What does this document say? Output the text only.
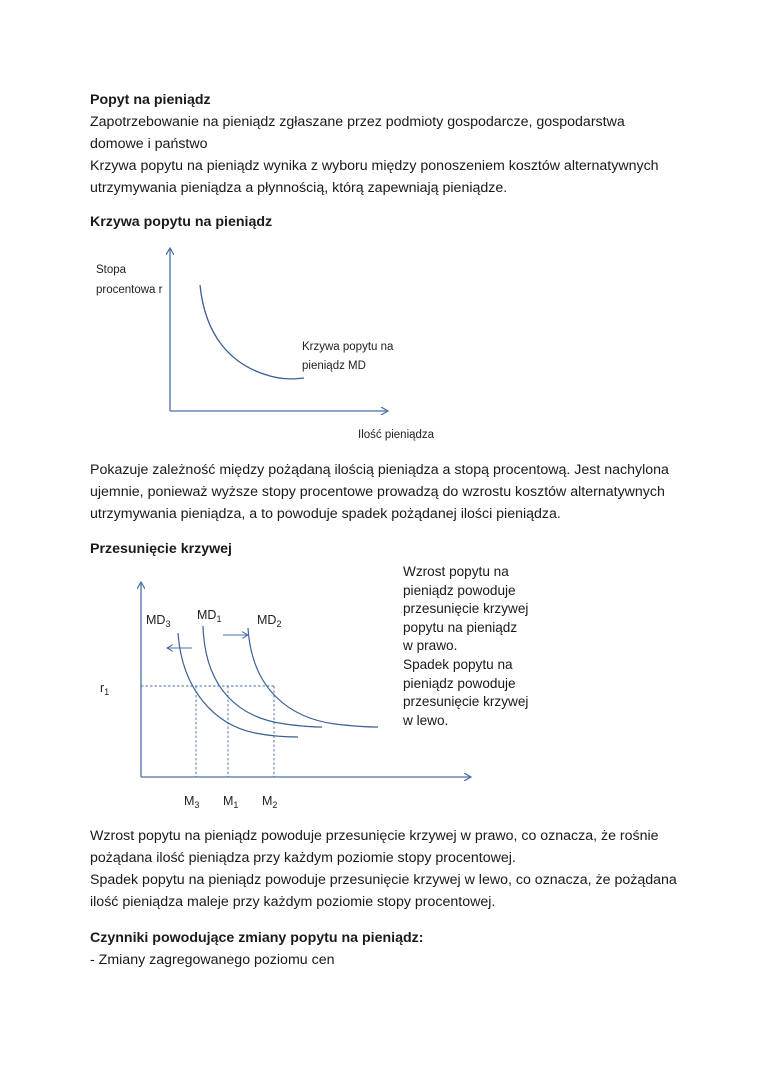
Popyt na pieniądz

Zapotrzebowanie na pieniądz zgłaszane przez podmioty gospodarcze, gospodarstwa

domowe i państwo

Krzywa popytu na pieniądz wynika z wyboru między ponoszeniem kosztów alternatywnych

utrzymywania pieniądza a płynnością, którą zapewniają pieniądze.

Krzywa popytu na pieniądz

Stopa
procentowa r
Ilość pieniądza
Krzywa popytu na
pieniądz MD

Pokazuje zależność między pożądaną ilością pieniądza a stopą procentową. Jest nachylona

ujemnie, ponieważ wyższe stopy procentowe prowadzą do wzrostu kosztów alternatywnych

utrzymywania pieniądza, a to powoduje spadek pożądanej ilości pieniądza.

Przesunięcie krzywej

$MD_3$
$MD_1$	$MD_2$
$r_1$
$M_3$ $M_1$ $M_2$
Wzrost popytu na
pieniądz powoduje
przesunięcie krzywej
popytu na pieniądz
w prawo.
Spadek popytu na
pieniądz powoduje
przesunięcie krzywej
w lewo.

Wzrost popytu na pieniądz powoduje przesunięcie krzywej w prawo, co oznacza, że rośnie

pożądana ilość pieniądza przy każdym poziomie stopy procentowej.

Spadek popytu na pieniądz powoduje przesunięcie krzywej w lewo, co oznacza, że pożądana

ilość pieniądza maleje przy każdym poziomie stopy procentowej.

Czynniki powodujące zmiany popytu na pieniądz:

- Zmiany zagregowanego poziomu cen
